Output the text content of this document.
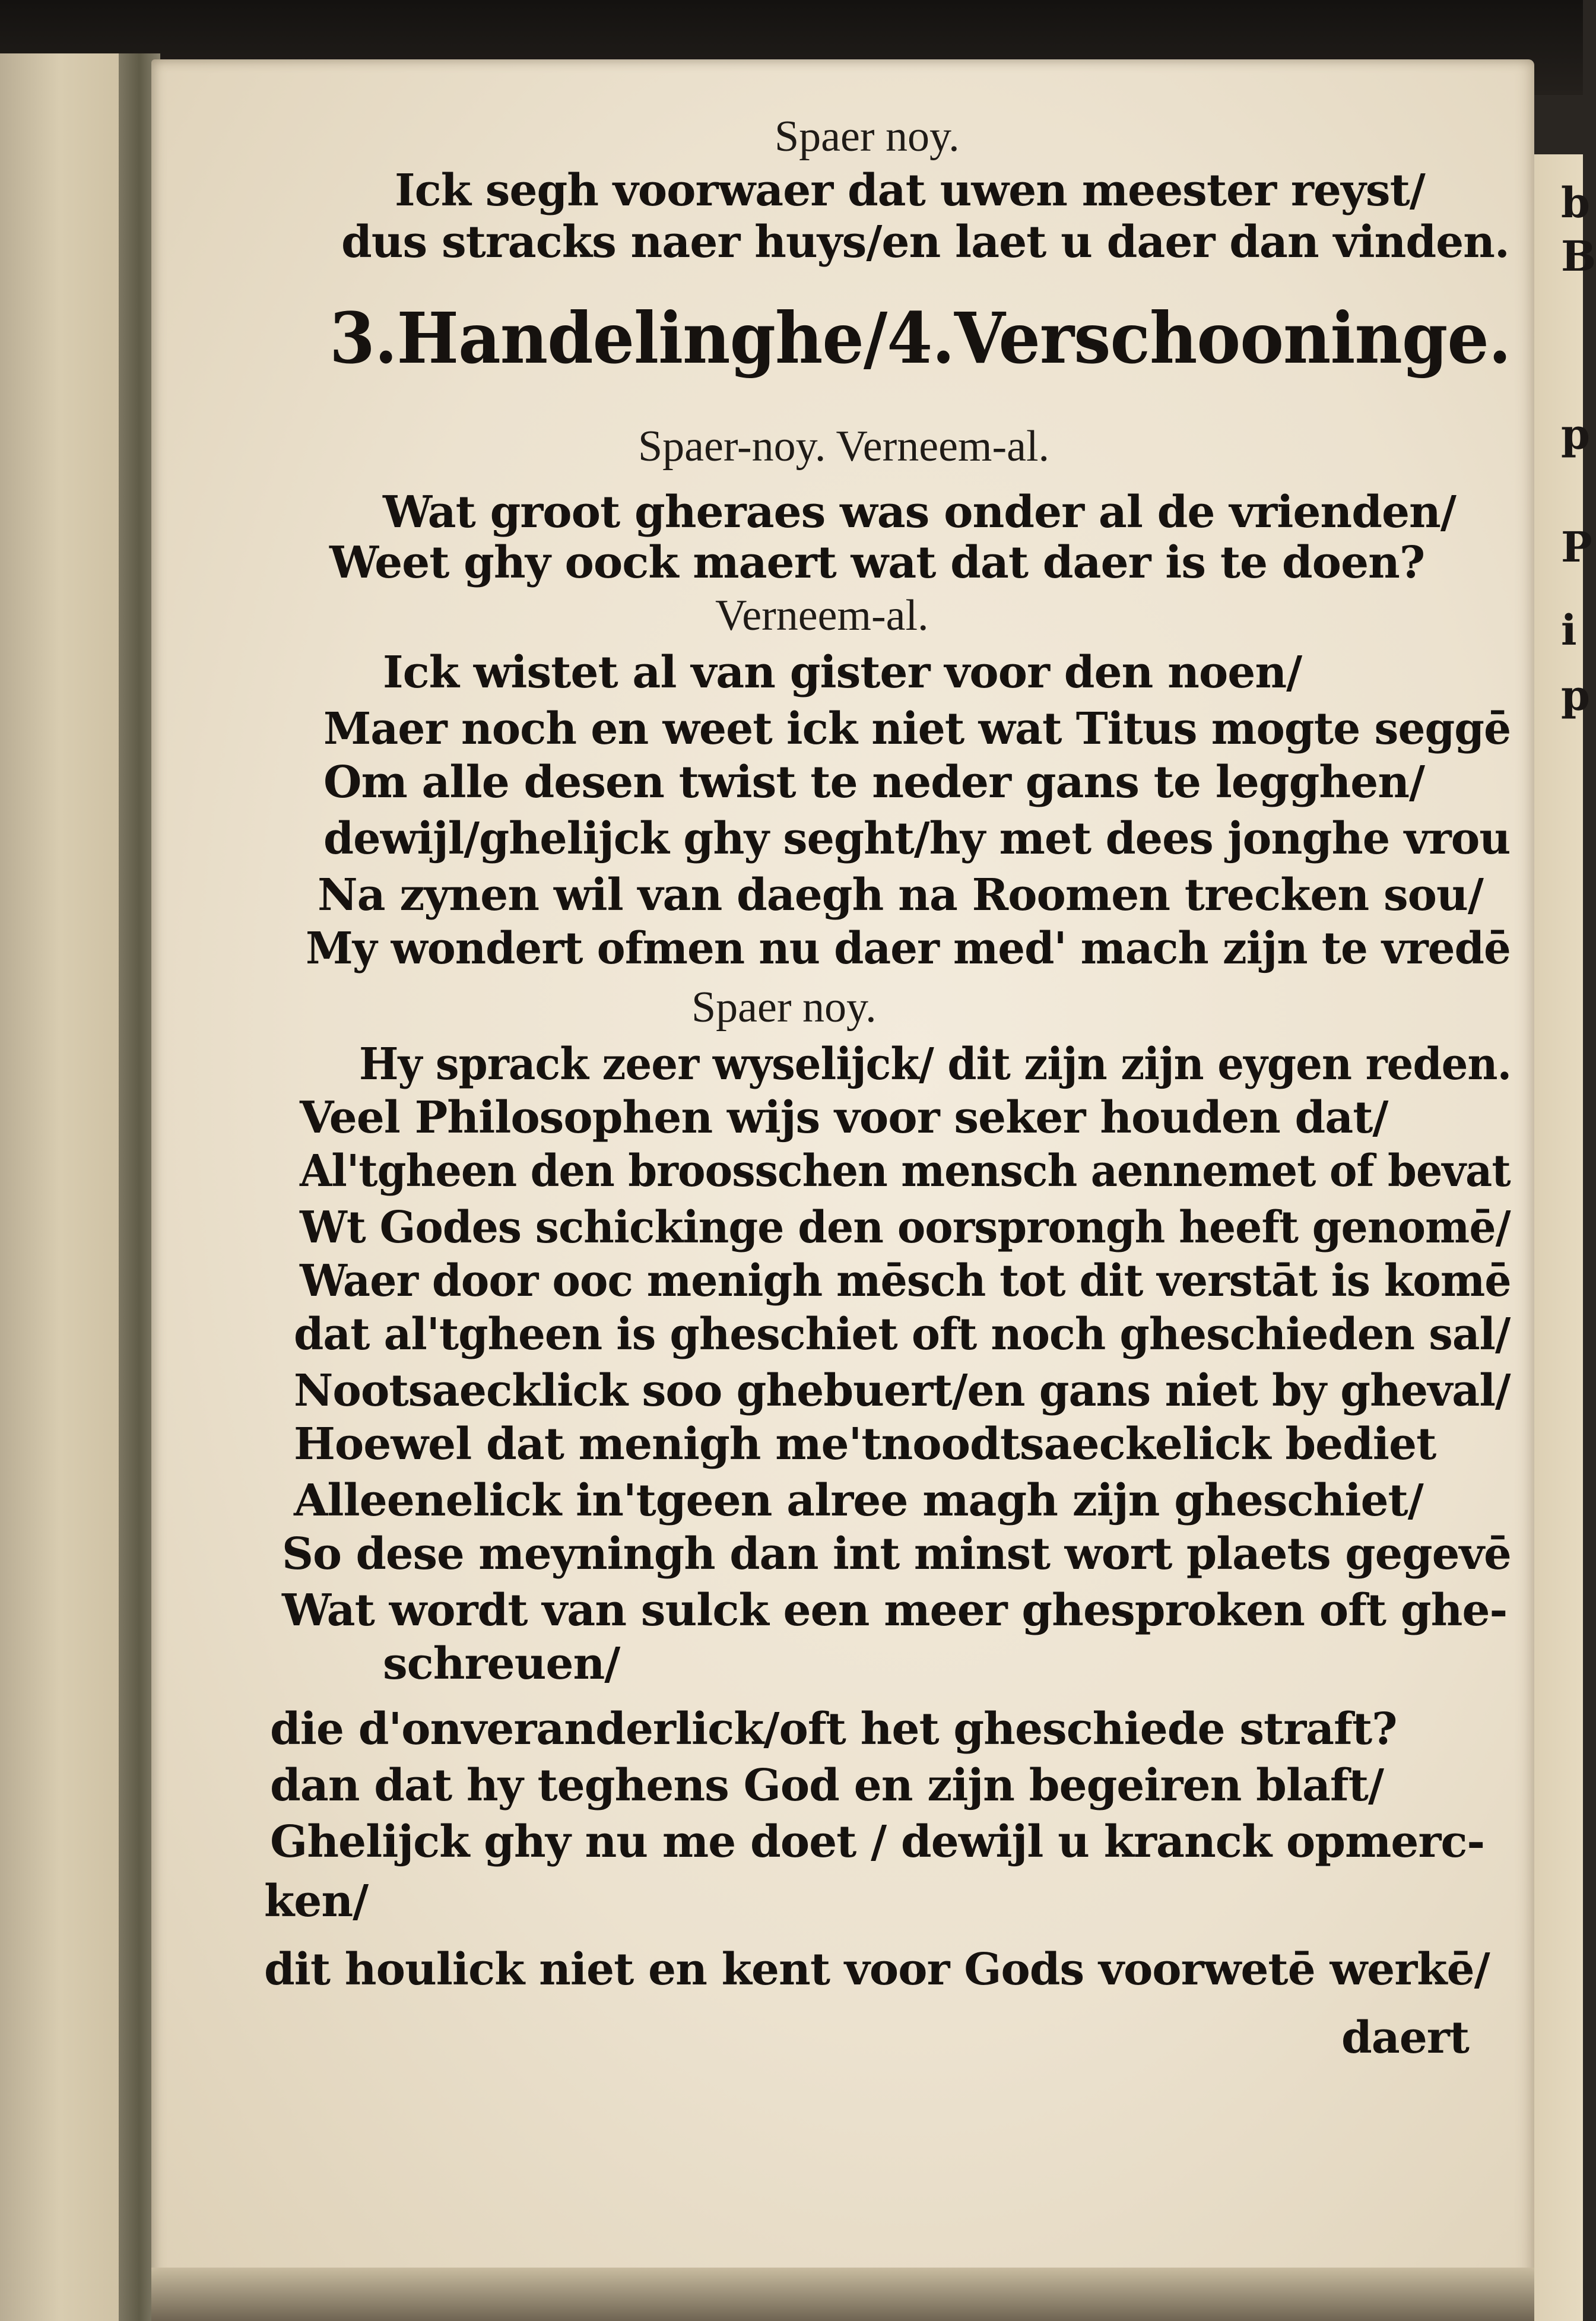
b
B
p
P
i
p
Spaer noy.
Ick segh voorwaer dat uwen meester reyst/
dus stracks naer huys/en laet u daer dan vinden.
3.Handelinghe/4.Verschooninge.
Spaer-noy. Verneem-al.
Wat groot gheraes was onder al de vrienden/
Weet ghy oock maert wat dat daer is te doen?
Verneem-al.
Ick wistet al van gister voor den noen/
Maer noch en weet ick niet wat Titus mogte seggē
Om alle desen twist te neder gans te legghen/
dewijl/ghelijck ghy seght/hy met dees jonghe vrou
Na zynen wil van daegh na Roomen trecken sou/
My wondert ofmen nu daer med' mach zijn te vredē
Spaer noy.
Hy sprack zeer wyselijck/ dit zijn zijn eygen reden.
Veel Philosophen wijs voor seker houden dat/
Al'tgheen den broosschen mensch aennemet of bevat
Wt Godes schickinge den oorsprongh heeft genomē/
Waer door ooc menigh mēsch tot dit verstāt is komē
dat al'tgheen is gheschiet oft noch gheschieden sal/
Nootsaecklick soo ghebuert/en gans niet by gheval/
Hoewel dat menigh me'tnoodtsaeckelick bediet
Alleenelick in'tgeen alree magh zijn gheschiet/
So dese meyningh dan int minst wort plaets gegevē
Wat wordt van sulck een meer ghesproken oft ghe-
schreuen/
die d'onveranderlick/oft het gheschiede straft?
dan dat hy teghens God en zijn begeiren blaft/
Ghelijck ghy nu me doet / dewijl u kranck opmerc-
ken/
dit houlick niet en kent voor Gods voorwetē werkē/
daert
